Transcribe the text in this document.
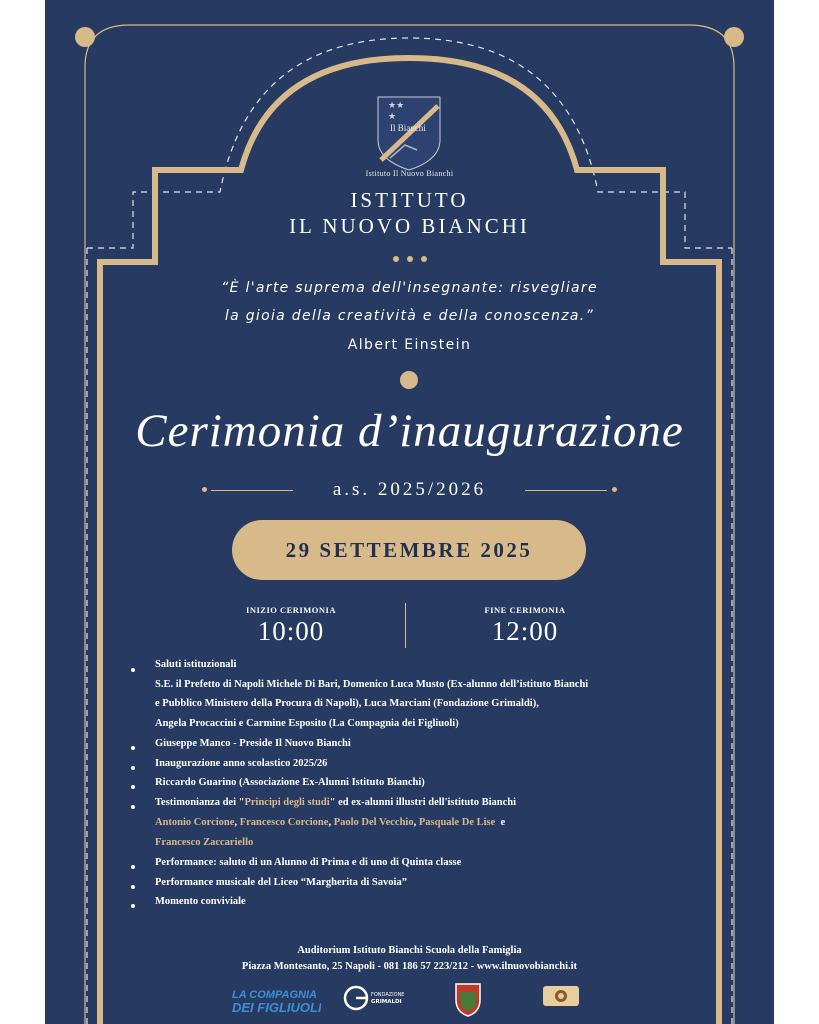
★★
★
Il Bianchi
Istituto Il Nuovo Bianchi
ISTITUTO
IL NUOVO BIANCHI
“È l'arte suprema dell'insegnante: risvegliare
la gioia della creatività e della conoscenza.”
Albert Einstein
Cerimonia d’inaugurazione
a.s. 2025/2026
29 SETTEMBRE 2025
INIZIO CERIMONIA
10:00
FINE CERIMONIA
12:00
Saluti istituzionali
S.E. il Prefetto di Napoli Michele Di Bari, Domenico Luca Musto (Ex-alunno dell’istituto Bianchi
e Pubblico Ministero della Procura di Napoli), Luca Marciani (Fondazione Grimaldi),
Angela Procaccini e Carmine Esposito (La Compagnia dei Figliuoli)
Giuseppe Manco - Preside Il Nuovo Bianchi
Inaugurazione anno scolastico 2025/26
Riccardo Guarino (Associazione Ex-Alunni Istituto Bianchi)
Testimonianza dei "Principi degli studi" ed ex-alunni illustri dell'istituto Bianchi
Antonio Corcione, Francesco Corcione, Paolo Del Vecchio, Pasquale De Lise e
Francesco Zaccariello
Performance: saluto di un Alunno di Prima e di uno di Quinta classe
Performance musicale del Liceo “Margherita di Savoia”
Momento conviviale
Auditorium Istituto Bianchi Scuola della Famiglia
Piazza Montesanto, 25 Napoli - 081 186 57 223/212 - www.ilnuovobianchi.it
LA COMPAGNIA
DEI FIGLIUOLI
FONDAZIONE
GRIMALDI
